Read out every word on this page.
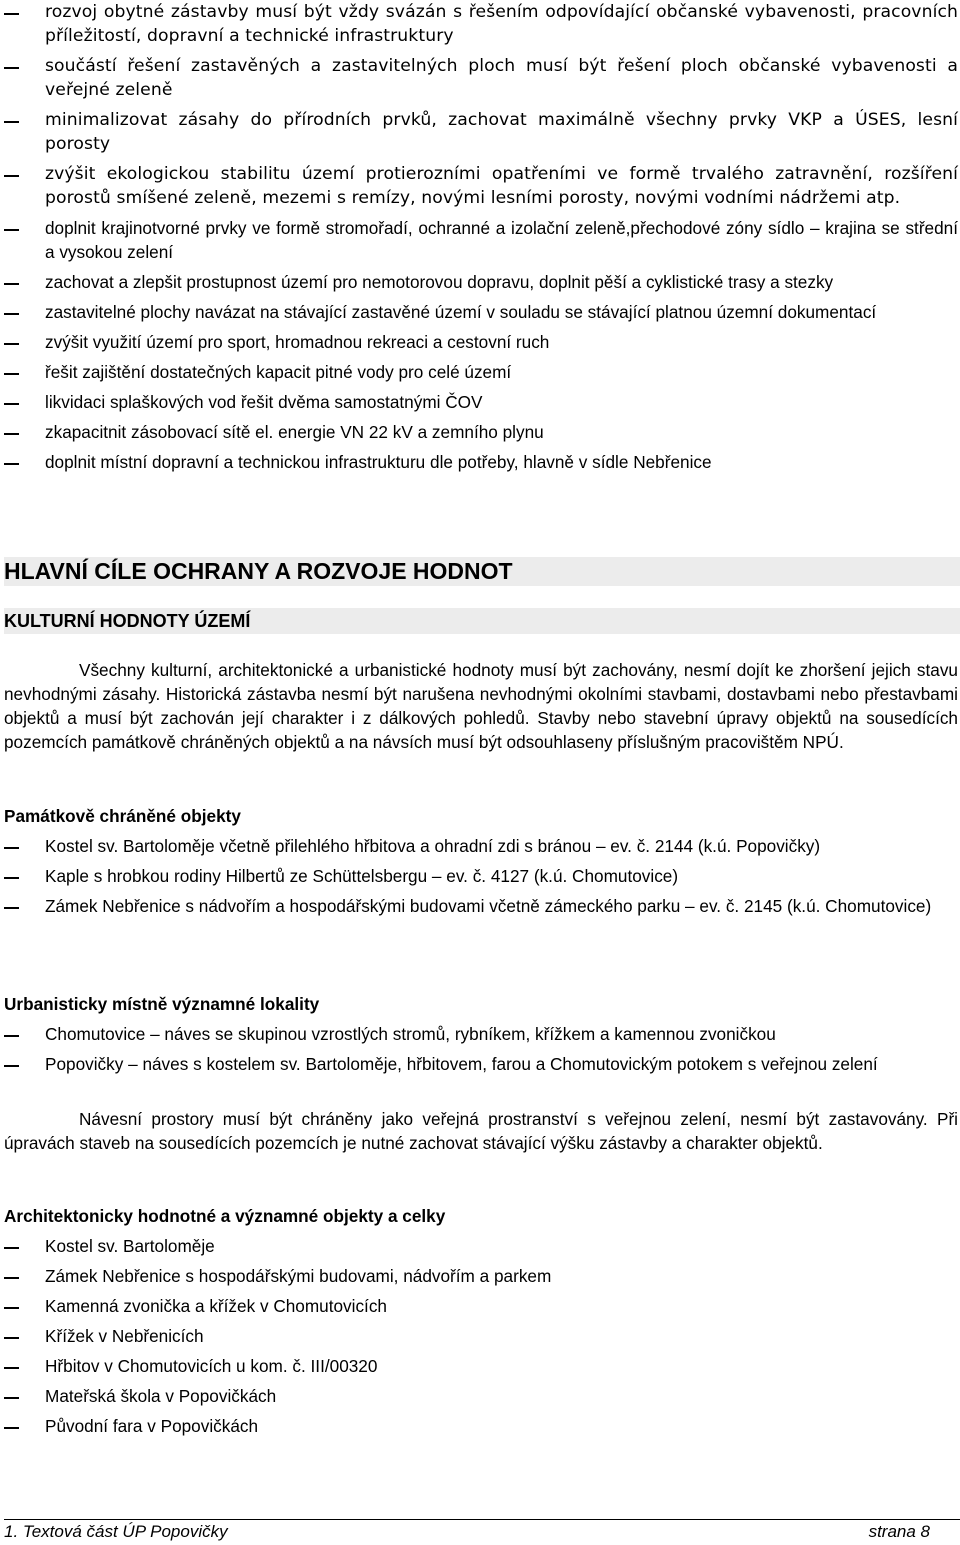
rozvoj obytné zástavby musí být vždy svázán s řešením odpovídající občanské vybavenosti, pracovních příležitostí, dopravní a technické infrastruktury
součástí řešení zastavěných a zastavitelných ploch musí být řešení ploch občanské vybavenosti a veřejné zeleně
minimalizovat zásahy do přírodních prvků, zachovat maximálně všechny prvky VKP a ÚSES, lesní porosty
zvýšit ekologickou stabilitu území protierozními opatřeními ve formě trvalého zatravnění, rozšíření porostů smíšené zeleně, mezemi s remízy, novými lesními porosty, novými vodními nádržemi atp.
doplnit krajinotvorné prvky ve formě stromořadí, ochranné a izolační zeleně,přechodové zóny sídlo – krajina se střední a vysokou zelení
zachovat a zlepšit prostupnost území pro nemotorovou dopravu, doplnit pěší a cyklistické trasy a stezky
zastavitelné plochy navázat na stávající zastavěné území v souladu se stávající platnou územní dokumentací
zvýšit využití území pro sport, hromadnou rekreaci a cestovní ruch
řešit zajištění dostatečných kapacit pitné vody pro celé území
likvidaci splaškových vod řešit dvěma samostatnými ČOV
zkapacitnit zásobovací sítě el. energie VN 22 kV a zemního plynu
doplnit místní dopravní a technickou infrastrukturu dle potřeby, hlavně v sídle Nebřenice
HLAVNÍ CÍLE OCHRANY A ROZVOJE HODNOT
KULTURNÍ HODNOTY ÚZEMÍ

Všechny kulturní, architektonické a urbanistické hodnoty musí být zachovány, nesmí dojít ke zhoršení jejich stavu nevhodnými zásahy. Historická zástavba nesmí být narušena nevhodnými okolními stavbami, dostavbami nebo přestavbami objektů a musí být zachován její charakter i z dálkových pohledů. Stavby nebo stavební úpravy objektů na sousedících pozemcích památkově chráněných objektů a na návsích musí být odsouhlaseny příslušným pracovištěm NPÚ.

Památkově chráněné objekty
Kostel sv. Bartoloměje včetně přilehlého hřbitova a ohradní zdi s bránou – ev. č. 2144 (k.ú. Popovičky)
Kaple s hrobkou rodiny Hilbertů ze Schüttelsbergu – ev. č. 4127 (k.ú. Chomutovice)
Zámek Nebřenice s nádvořím a hospodářskými budovami včetně zámeckého parku – ev. č. 2145 (k.ú. Chomutovice)
Urbanisticky místně významné lokality
Chomutovice – náves se skupinou vzrostlých stromů, rybníkem, křížkem a kamennou zvoničkou
Popovičky – náves s kostelem sv. Bartoloměje, hřbitovem, farou a Chomutovickým potokem s veřejnou zelení

Návesní prostory musí být chráněny jako veřejná prostranství s veřejnou zelení, nesmí být zastavovány. Při úpravách staveb na sousedících pozemcích je nutné zachovat stávající výšku zástavby a charakter objektů.

Architektonicky hodnotné a významné objekty a celky
Kostel sv. Bartoloměje
Zámek Nebřenice s hospodářskými budovami, nádvořím a parkem
Kamenná zvonička a křížek v Chomutovicích
Křížek v Nebřenicích
Hřbitov v Chomutovicích u kom. č. III/00320
Mateřská škola v Popovičkách
Původní fara v Popovičkách
1. Textová část ÚP Popovičky	strana 8
